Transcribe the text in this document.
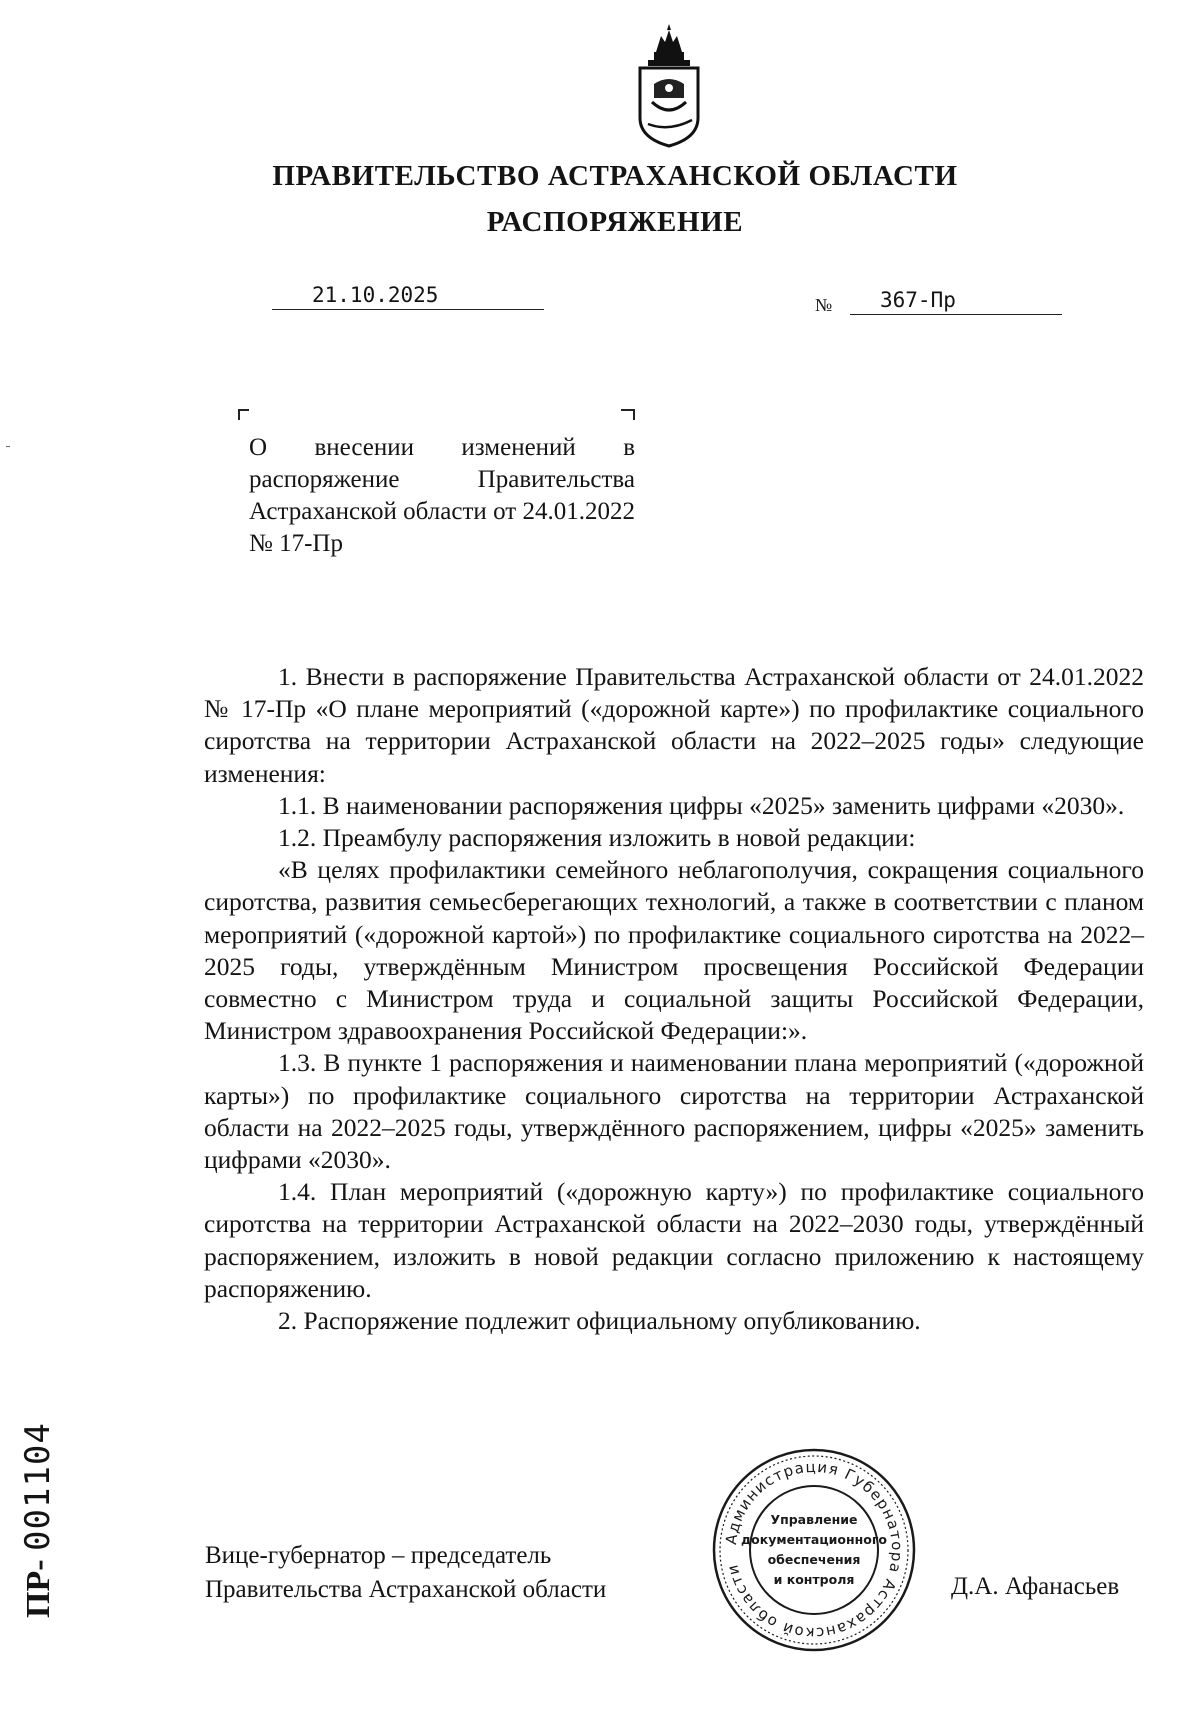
ПРАВИТЕЛЬСТВО АСТРАХАНСКОЙ ОБЛАСТИ
РАСПОРЯЖЕНИЕ
21.10.2025	№ 367-Пр

О внесении изменений в распоряжение Правительства Астраханской области от 24.01.2022 № 17-Пр

1. Внести в распоряжение Правительства Астраханской области от 24.01.2022 № 17-Пр «О плане мероприятий («дорожной карте») по профилактике социального сиротства на территории Астраханской области на 2022–2025 годы» следующие изменения:

1.1. В наименовании распоряжения цифры «2025» заменить цифрами «2030».

1.2. Преамбулу распоряжения изложить в новой редакции:

«В целях профилактики семейного неблагополучия, сокращения социального сиротства, развития семьесберегающих технологий, а также в соответствии с планом мероприятий («дорожной картой») по профилактике социального сиротства на 2022–2025 годы, утверждённым Министром просвещения Российской Федерации совместно с Министром труда и социальной защиты Российской Федерации, Министром здравоохранения Российской Федерации:».

1.3. В пункте 1 распоряжения и наименовании плана мероприятий («дорожной карты») по профилактике социального сиротства на территории Астраханской области на 2022–2025 годы, утверждённого распоряжением, цифры «2025» заменить цифрами «2030».

1.4. План мероприятий («дорожную карту») по профилактике социального сиротства на территории Астраханской области на 2022–2030 годы, утверждённый распоряжением, изложить в новой редакции согласно приложению к настоящему распоряжению.

2. Распоряжение подлежит официальному опубликованию.

Вице-губернатор – председатель
Правительства Астраханской области	Д.А. Афанасьев
Администрация Губернатора Астраханской области
Управление
документационного
обеспечения
и контроля
ПР- 001104
